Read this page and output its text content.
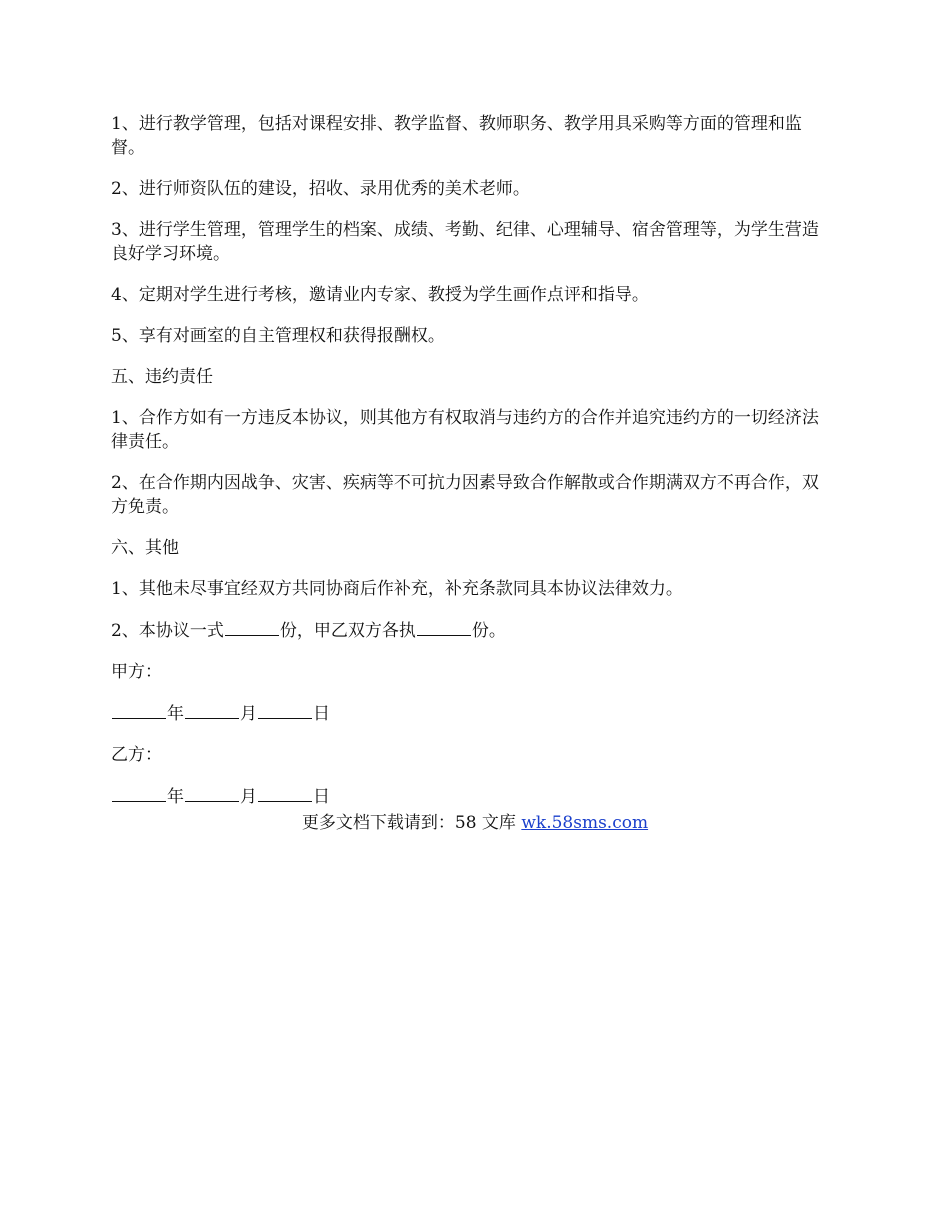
1、进行教学管理，包括对课程安排、教学监督、教师职务、教学用具采购等方面的管理和监督。

2、进行师资队伍的建设，招收、录用优秀的美术老师。

3、进行学生管理，管理学生的档案、成绩、考勤、纪律、心理辅导、宿舍管理等，为学生营造良好学习环境。

4、定期对学生进行考核，邀请业内专家、教授为学生画作点评和指导。

5、享有对画室的自主管理权和获得报酬权。

五、违约责任

1、合作方如有一方违反本协议，则其他方有权取消与违约方的合作并追究违约方的一切经济法律责任。

2、在合作期内因战争、灾害、疾病等不可抗力因素导致合作解散或合作期满双方不再合作，双方免责。

六、其他

1、其他未尽事宜经双方共同协商后作补充，补充条款同具本协议法律效力。

2、本协议一式	份，甲乙双方各执	份。

甲方：

年	月	日

乙方：

年	月	日

更多文档下载请到：58 文库 wk.58sms.com
